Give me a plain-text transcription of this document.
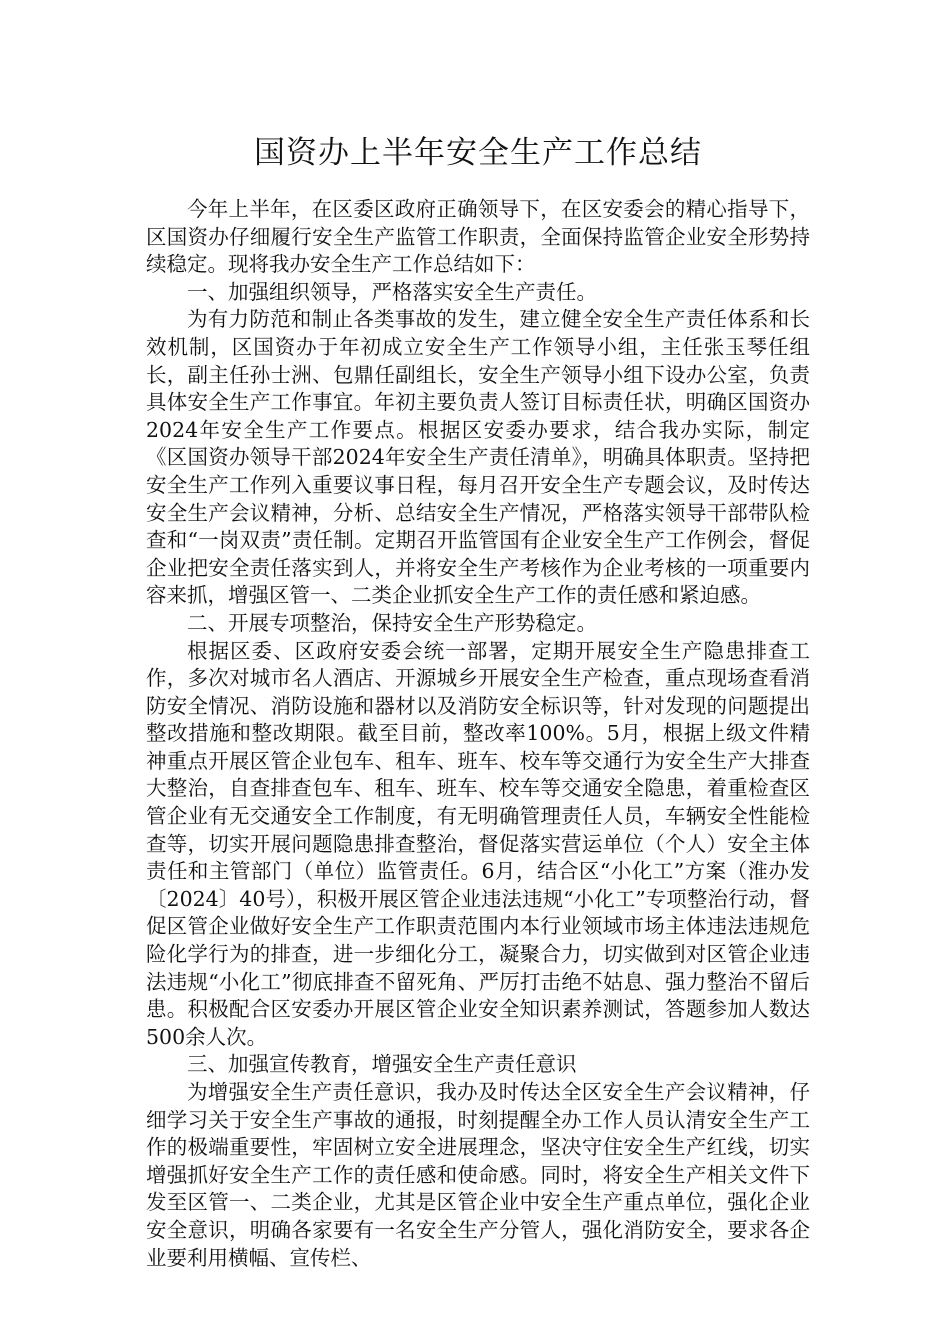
国资办上半年安全生产工作总结

今年上半年，在区委区政府正确领导下，在区安委会的精心指导下，区国资办仔细履行安全生产监管工作职责，全面保持监管企业安全形势持续稳定。现将我办安全生产工作总结如下：

一、加强组织领导，严格落实安全生产责任。

为有力防范和制止各类事故的发生，建立健全安全生产责任体系和长效机制，区国资办于年初成立安全生产工作领导小组，主任张玉琴任组长，副主任孙士洲、包鼎任副组长，安全生产领导小组下设办公室，负责具体安全生产工作事宜。年初主要负责人签订目标责任状，明确区国资办2024年安全生产工作要点。根据区安委办要求，结合我办实际，制定《区国资办领导干部2024年安全生产责任清单》，明确具体职责。坚持把安全生产工作列入重要议事日程，每月召开安全生产专题会议，及时传达安全生产会议精神，分析、总结安全生产情况，严格落实领导干部带队检查和“一岗双责”责任制。定期召开监管国有企业安全生产工作例会，督促企业把安全责任落实到人，并将安全生产考核作为企业考核的一项重要内容来抓，增强区管一、二类企业抓安全生产工作的责任感和紧迫感。

二、开展专项整治，保持安全生产形势稳定。

根据区委、区政府安委会统一部署，定期开展安全生产隐患排查工作，多次对城市名人酒店、开源城乡开展安全生产检查，重点现场查看消防安全情况、消防设施和器材以及消防安全标识等，针对发现的问题提出整改措施和整改期限。截至目前，整改率100%。5月，根据上级文件精神重点开展区管企业包车、租车、班车、校车等交通行为安全生产大排查大整治，自查排查包车、租车、班车、校车等交通安全隐患，着重检查区管企业有无交通安全工作制度，有无明确管理责任人员，车辆安全性能检查等，切实开展问题隐患排查整治，督促落实营运单位（个人）安全主体责任和主管部门（单位）监管责任。6月，结合区“小化工”方案（淮办发〔2024〕40号），积极开展区管企业违法违规“小化工”专项整治行动，督促区管企业做好安全生产工作职责范围内本行业领域市场主体违法违规危险化学行为的排查，进一步细化分工，凝聚合力，切实做到对区管企业违法违规“小化工”彻底排查不留死角、严厉打击绝不姑息、强力整治不留后患。积极配合区安委办开展区管企业安全知识素养测试，答题参加人数达500余人次。

三、加强宣传教育，增强安全生产责任意识

为增强安全生产责任意识，我办及时传达全区安全生产会议精神，仔细学习关于安全生产事故的通报，时刻提醒全办工作人员认清安全生产工作的极端重要性，牢固树立安全进展理念，坚决守住安全生产红线，切实增强抓好安全生产工作的责任感和使命感。同时，将安全生产相关文件下发至区管一、二类企业，尤其是区管企业中安全生产重点单位，强化企业安全意识，明确各家要有一名安全生产分管人，强化消防安全，要求各企业要利用横幅、宣传栏、
